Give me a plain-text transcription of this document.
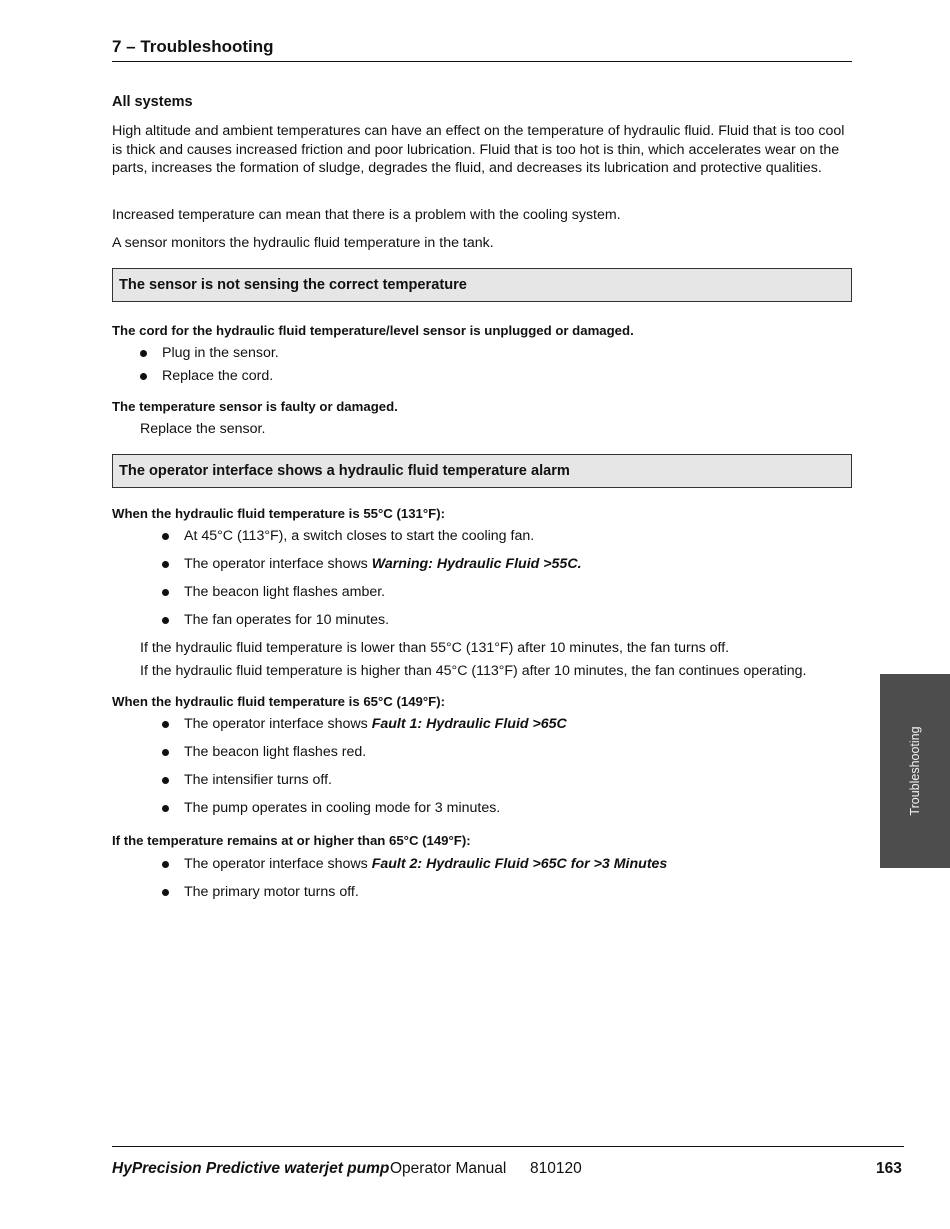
7 – Troubleshooting
All systems
High altitude and ambient temperatures can have an effect on the temperature of hydraulic fluid. Fluid that is too cool is thick and causes increased friction and poor lubrication. Fluid that is too hot is thin, which accelerates wear on the parts, increases the formation of sludge, degrades the fluid, and decreases its lubrication and protective qualities.
Increased temperature can mean that there is a problem with the cooling system.
A sensor monitors the hydraulic fluid temperature in the tank.
The sensor is not sensing the correct temperature
The cord for the hydraulic fluid temperature/level sensor is unplugged or damaged.
Plug in the sensor.
Replace the cord.
The temperature sensor is faulty or damaged.
Replace the sensor.
The operator interface shows a hydraulic fluid temperature alarm
When the hydraulic fluid temperature is 55°C (131°F):
At 45°C (113°F), a switch closes to start the cooling fan.
The operator interface shows Warning: Hydraulic Fluid >55C.
The beacon light flashes amber.
The fan operates for 10 minutes.
If the hydraulic fluid temperature is lower than 55°C (131°F) after 10 minutes, the fan turns off.
If the hydraulic fluid temperature is higher than 45°C (113°F) after 10 minutes, the fan continues operating.
When the hydraulic fluid temperature is 65°C (149°F):
The operator interface shows Fault 1: Hydraulic Fluid >65C
The beacon light flashes red.
The intensifier turns off.
The pump operates in cooling mode for 3 minutes.
If the temperature remains at or higher than 65°C (149°F):
The operator interface shows Fault 2: Hydraulic Fluid >65C for >3 Minutes
The primary motor turns off.
Troubleshooting
HyPrecision Predictive waterjet pump Operator Manual 810120	163
